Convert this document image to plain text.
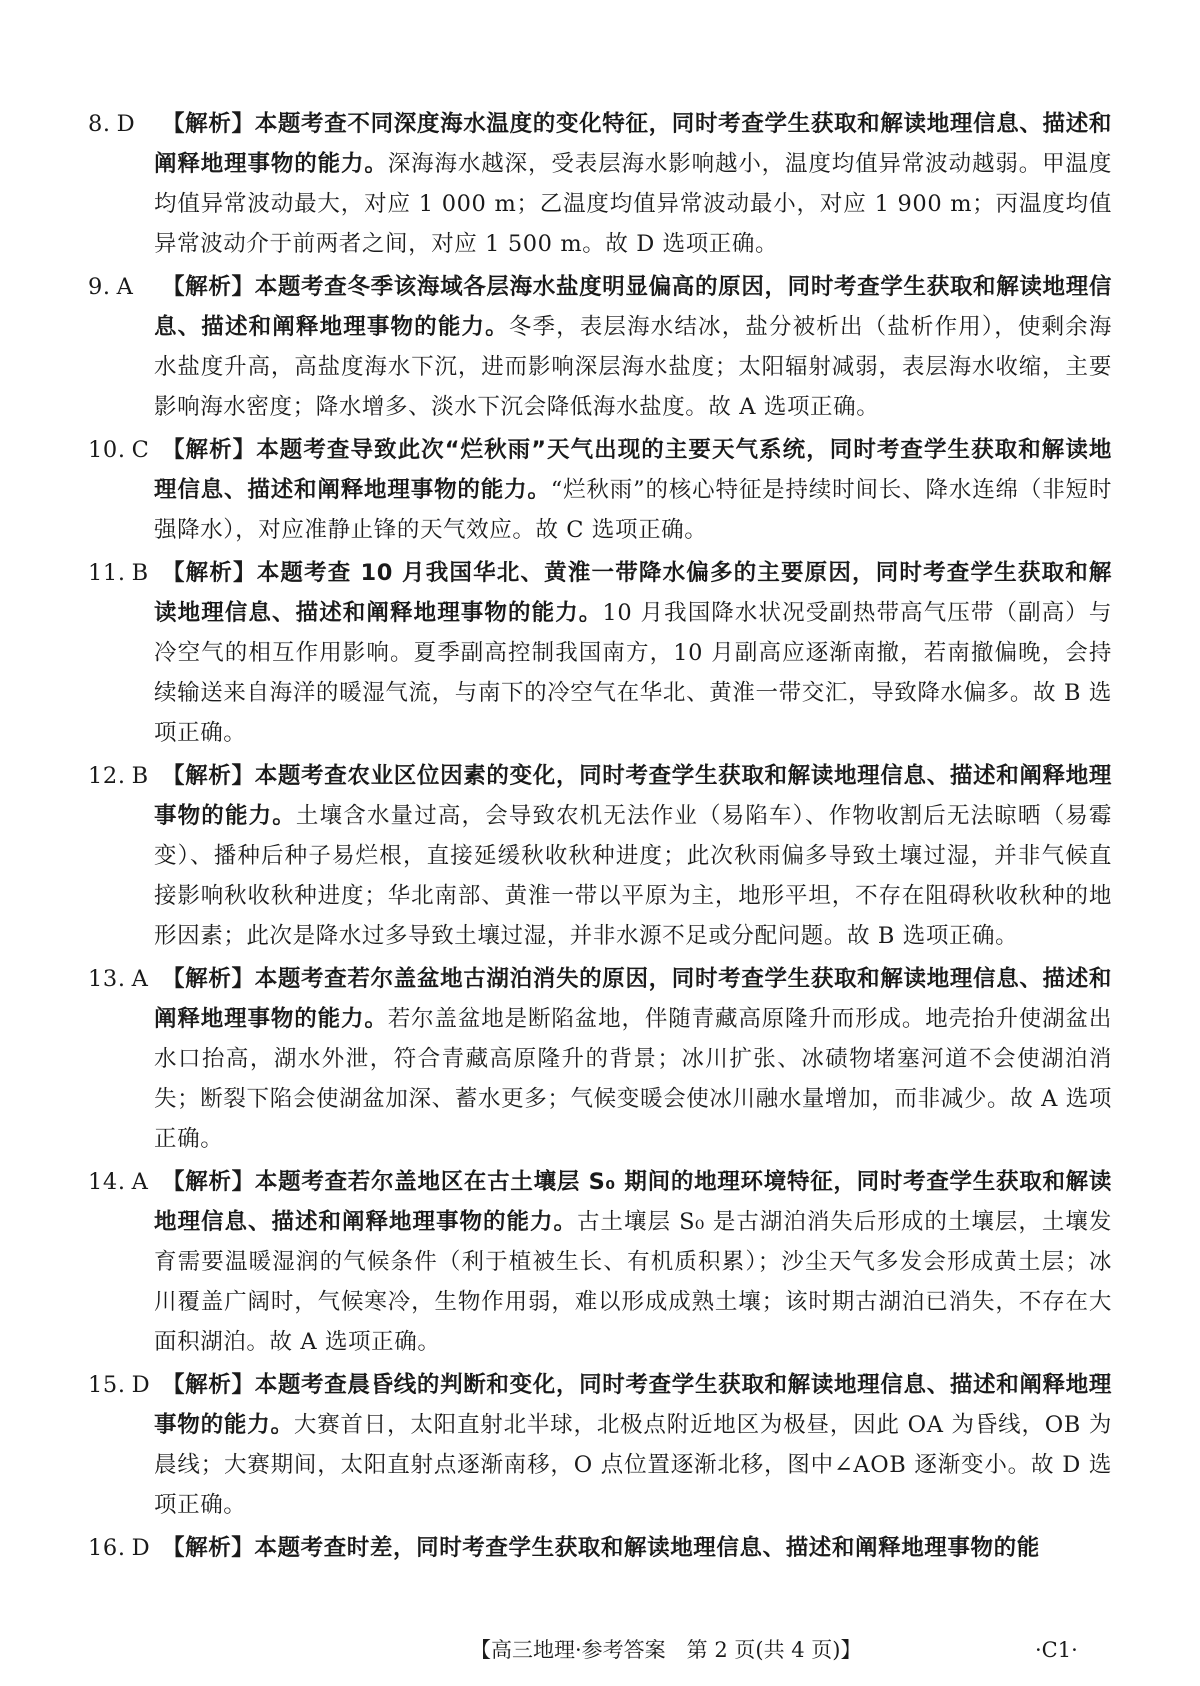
8. D	【解析】本题考查不同深度海水温度的变化特征，同时考查学生获取和解读地理信息、描述和阐释地理事物的能力。深海海水越深，受表层海水影响越小，温度均值异常波动越弱。甲温度均值异常波动最大，对应 1 000 m；乙温度均值异常波动最小，对应 1 900 m；丙温度均值异常波动介于前两者之间，对应 1 500 m。故 D 选项正确。
9. A	【解析】本题考查冬季该海域各层海水盐度明显偏高的原因，同时考查学生获取和解读地理信息、描述和阐释地理事物的能力。冬季，表层海水结冰，盐分被析出（盐析作用），使剩余海水盐度升高，高盐度海水下沉，进而影响深层海水盐度；太阳辐射减弱，表层海水收缩，主要影响海水密度；降水增多、淡水下沉会降低海水盐度。故 A 选项正确。
10. C 【解析】本题考查导致此次“烂秋雨”天气出现的主要天气系统，同时考查学生获取和解读地理信息、描述和阐释地理事物的能力。“烂秋雨”的核心特征是持续时间长、降水连绵（非短时强降水），对应准静止锋的天气效应。故 C 选项正确。
11. B 【解析】本题考查 10 月我国华北、黄淮一带降水偏多的主要原因，同时考查学生获取和解读地理信息、描述和阐释地理事物的能力。10 月我国降水状况受副热带高气压带（副高）与冷空气的相互作用影响。夏季副高控制我国南方，10 月副高应逐渐南撤，若南撤偏晚，会持续输送来自海洋的暖湿气流，与南下的冷空气在华北、黄淮一带交汇，导致降水偏多。故 B 选项正确。
12. B 【解析】本题考查农业区位因素的变化，同时考查学生获取和解读地理信息、描述和阐释地理事物的能力。土壤含水量过高，会导致农机无法作业（易陷车）、作物收割后无法晾晒（易霉变）、播种后种子易烂根，直接延缓秋收秋种进度；此次秋雨偏多导致土壤过湿，并非气候直接影响秋收秋种进度；华北南部、黄淮一带以平原为主，地形平坦，不存在阻碍秋收秋种的地形因素；此次是降水过多导致土壤过湿，并非水源不足或分配问题。故 B 选项正确。
13. A 【解析】本题考查若尔盖盆地古湖泊消失的原因，同时考查学生获取和解读地理信息、描述和阐释地理事物的能力。若尔盖盆地是断陷盆地，伴随青藏高原隆升而形成。地壳抬升使湖盆出水口抬高，湖水外泄，符合青藏高原隆升的背景；冰川扩张、冰碛物堵塞河道不会使湖泊消失；断裂下陷会使湖盆加深、蓄水更多；气候变暖会使冰川融水量增加，而非减少。故 A 选项正确。
14. A 【解析】本题考查若尔盖地区在古土壤层 S₀ 期间的地理环境特征，同时考查学生获取和解读地理信息、描述和阐释地理事物的能力。古土壤层 S₀ 是古湖泊消失后形成的土壤层，土壤发育需要温暖湿润的气候条件（利于植被生长、有机质积累）；沙尘天气多发会形成黄土层；冰川覆盖广阔时，气候寒冷，生物作用弱，难以形成成熟土壤；该时期古湖泊已消失，不存在大面积湖泊。故 A 选项正确。
15. D 【解析】本题考查晨昏线的判断和变化，同时考查学生获取和解读地理信息、描述和阐释地理事物的能力。大赛首日，太阳直射北半球，北极点附近地区为极昼，因此 OA 为昏线，OB 为晨线；大赛期间，太阳直射点逐渐南移，O 点位置逐渐北移，图中∠AOB 逐渐变小。故 D 选项正确。
16. D 【解析】本题考查时差，同时考查学生获取和解读地理信息、描述和阐释地理事物的能
【高三地理·参考答案　第 2 页(共 4 页)】	·C1·
